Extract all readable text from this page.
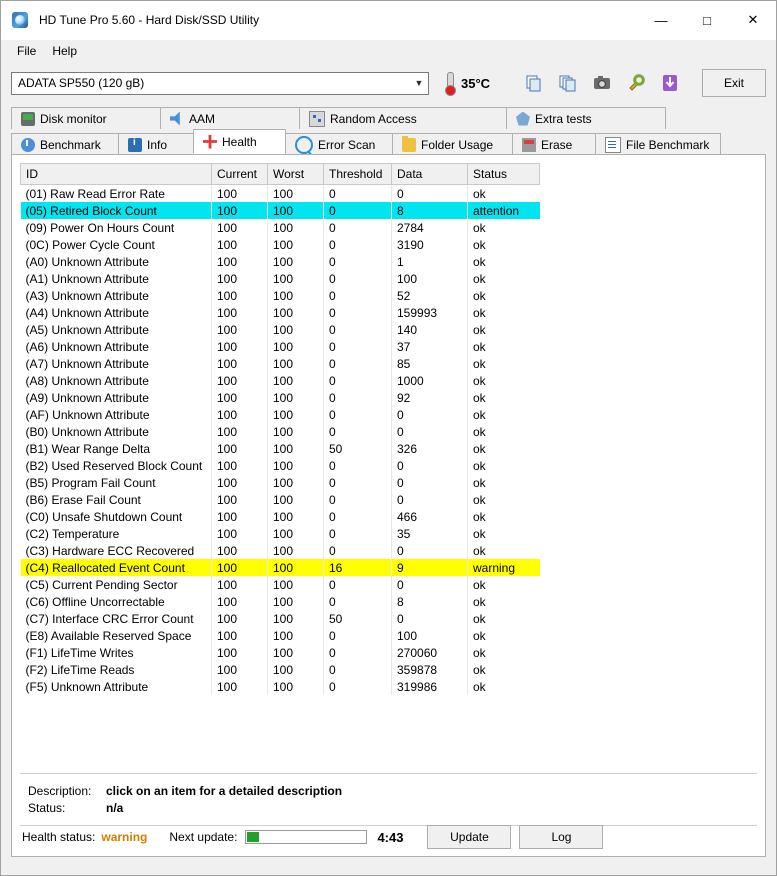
HD Tune Pro 5.60 - Hard Disk/SSD Utility	—	□	✕
File	Help
ADATA SP550 (120 gB)	▼	35°C	Exit
Disk monitor	AAM	Random Access	Extra tests
Benchmark i	Info	Health	Error Scan	Folder Usage	Erase	File Benchmark
ID	Current	Worst	Threshold	Data	Status
(01) Raw Read Error Rate	100	100	0	0	ok
(05) Retired Block Count	100	100	0	8	attention
(09) Power On Hours Count	100	100	0	2784	ok
(0C) Power Cycle Count	100	100	0	3190	ok
(A0) Unknown Attribute	100	100	0	1	ok
(A1) Unknown Attribute	100	100	0	100	ok
(A3) Unknown Attribute	100	100	0	52	ok
(A4) Unknown Attribute	100	100	0	159993	ok
(A5) Unknown Attribute	100	100	0	140	ok
(A6) Unknown Attribute	100	100	0	37	ok
(A7) Unknown Attribute	100	100	0	85	ok
(A8) Unknown Attribute	100	100	0	1000	ok
(A9) Unknown Attribute	100	100	0	92	ok
(AF) Unknown Attribute	100	100	0	0	ok
(B0) Unknown Attribute	100	100	0	0	ok
(B1) Wear Range Delta	100	100	50	326	ok
(B2) Used Reserved Block Count	100	100	0	0	ok
(B5) Program Fail Count	100	100	0	0	ok
(B6) Erase Fail Count	100	100	0	0	ok
(C0) Unsafe Shutdown Count	100	100	0	466	ok
(C2) Temperature	100	100	0	35	ok
(C3) Hardware ECC Recovered	100	100	0	0	ok
(C4) Reallocated Event Count	100	100	16	9	warning
(C5) Current Pending Sector	100	100	0	0	ok
(C6) Offline Uncorrectable	100	100	0	8	ok
(C7) Interface CRC Error Count	100	100	50	0	ok
(E8) Available Reserved Space	100	100	0	100	ok
(F1) LifeTime Writes	100	100	0	270060	ok
(F2) LifeTime Reads	100	100	0	359878	ok
(F5) Unknown Attribute	100	100	0	319986	ok
Description:	click on an item for a detailed description
Status:	n/a
Health status: warning Next update:	4:43	Update	Log
